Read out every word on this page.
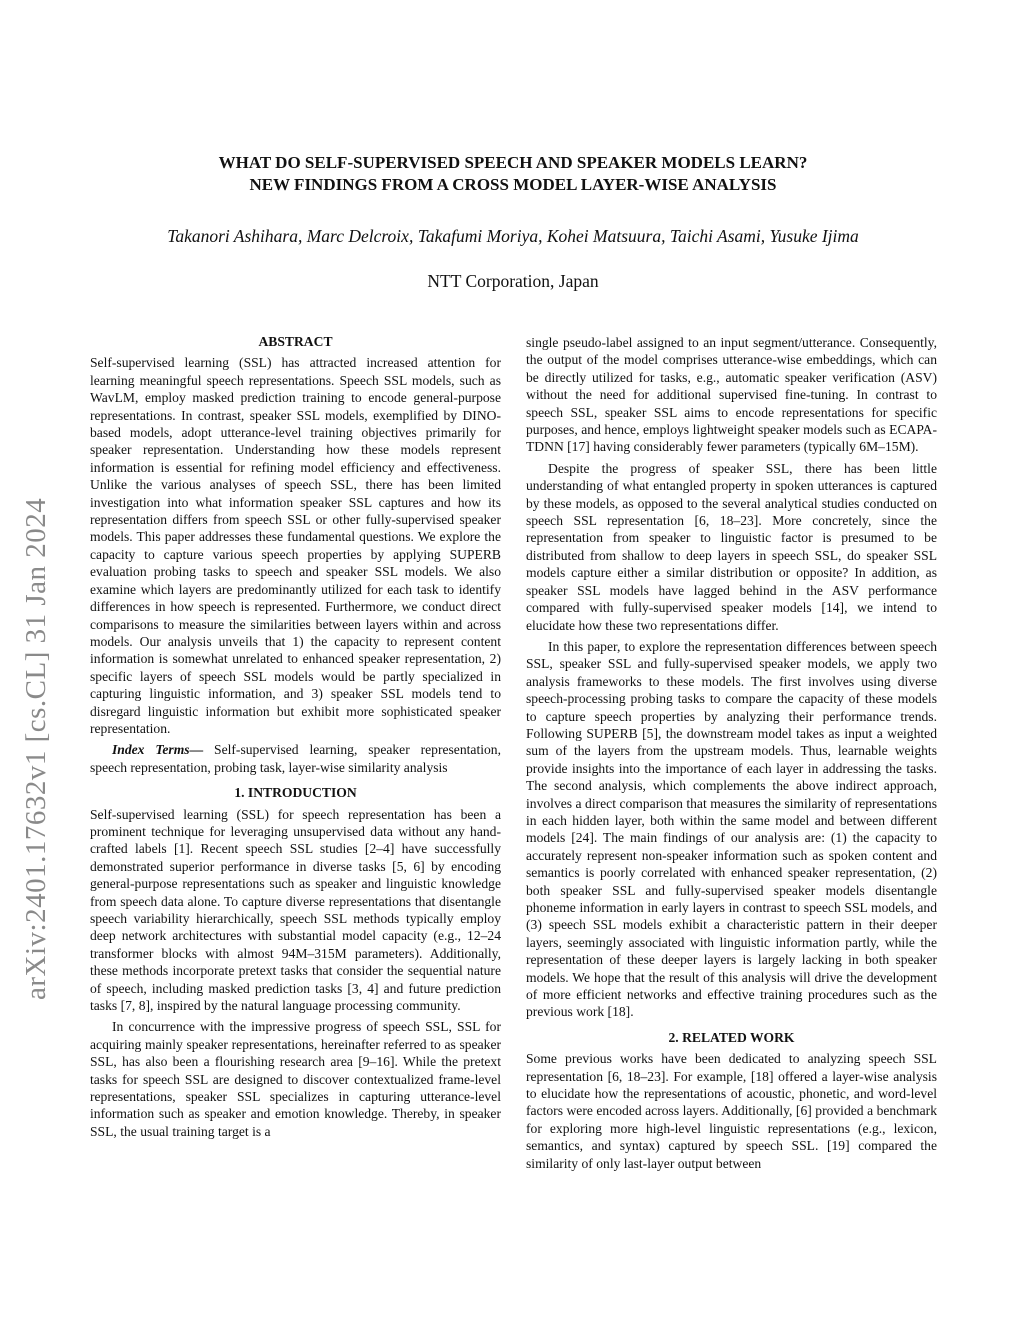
arXiv:2401.17632v1 [cs.CL] 31 Jan 2024
WHAT DO SELF-SUPERVISED SPEECH AND SPEAKER MODELS LEARN?
NEW FINDINGS FROM A CROSS MODEL LAYER-WISE ANALYSIS
Takanori Ashihara, Marc Delcroix, Takafumi Moriya, Kohei Matsuura, Taichi Asami, Yusuke Ijima
NTT Corporation, Japan
ABSTRACT

Self-supervised learning (SSL) has attracted increased attention for learning meaningful speech representations. Speech SSL models, such as WavLM, employ masked prediction training to encode general-purpose representations. In contrast, speaker SSL models, exemplified by DINO-based models, adopt utterance-level training objectives primarily for speaker representation. Understanding how these models represent information is essential for refining model efficiency and effectiveness. Unlike the various analyses of speech SSL, there has been limited investigation into what information speaker SSL captures and how its representation differs from speech SSL or other fully-supervised speaker models. This paper addresses these fundamental questions. We explore the capacity to capture various speech properties by applying SUPERB evaluation probing tasks to speech and speaker SSL models. We also examine which layers are predominantly utilized for each task to identify differences in how speech is represented. Furthermore, we conduct direct comparisons to measure the similarities between layers within and across models. Our analysis unveils that 1) the capacity to represent content information is somewhat unrelated to enhanced speaker representation, 2) specific layers of speech SSL models would be partly specialized in capturing linguistic information, and 3) speaker SSL models tend to disregard linguistic information but exhibit more sophisticated speaker representation.

Index Terms— Self-supervised learning, speaker representation, speech representation, probing task, layer-wise similarity analysis

1. INTRODUCTION

Self-supervised learning (SSL) for speech representation has been a prominent technique for leveraging unsupervised data without any hand-crafted labels [1]. Recent speech SSL studies [2–4] have successfully demonstrated superior performance in diverse tasks [5, 6] by encoding general-purpose representations such as speaker and linguistic knowledge from speech data alone. To capture diverse representations that disentangle speech variability hierarchically, speech SSL methods typically employ deep network architectures with substantial model capacity (e.g., 12–24 transformer blocks with almost 94M–315M parameters). Additionally, these methods incorporate pretext tasks that consider the sequential nature of speech, including masked prediction tasks [3, 4] and future prediction tasks [7, 8], inspired by the natural language processing community.

In concurrence with the impressive progress of speech SSL, SSL for acquiring mainly speaker representations, hereinafter referred to as speaker SSL, has also been a flourishing research area [9–16]. While the pretext tasks for speech SSL are designed to discover contextualized frame-level representations, speaker SSL specializes in capturing utterance-level information such as speaker and emotion knowledge. Thereby, in speaker SSL, the usual training target is a

single pseudo-label assigned to an input segment/utterance. Consequently, the output of the model comprises utterance-wise embeddings, which can be directly utilized for tasks, e.g., automatic speaker verification (ASV) without the need for additional supervised fine-tuning. In contrast to speech SSL, speaker SSL aims to encode representations for specific purposes, and hence, employs lightweight speaker models such as ECAPA-TDNN [17] having considerably fewer parameters (typically 6M–15M).

Despite the progress of speaker SSL, there has been little understanding of what entangled property in spoken utterances is captured by these models, as opposed to the several analytical studies conducted on speech SSL representation [6, 18–23]. More concretely, since the representation from speaker to linguistic factor is presumed to be distributed from shallow to deep layers in speech SSL, do speaker SSL models capture either a similar distribution or opposite? In addition, as speaker SSL models have lagged behind in the ASV performance compared with fully-supervised speaker models [14], we intend to elucidate how these two representations differ.

In this paper, to explore the representation differences between speech SSL, speaker SSL and fully-supervised speaker models, we apply two analysis frameworks to these models. The first involves using diverse speech-processing probing tasks to compare the capacity of these models to capture speech properties by analyzing their performance trends. Following SUPERB [5], the downstream model takes as input a weighted sum of the layers from the upstream models. Thus, learnable weights provide insights into the importance of each layer in addressing the tasks. The second analysis, which complements the above indirect approach, involves a direct comparison that measures the similarity of representations in each hidden layer, both within the same model and between different models [24]. The main findings of our analysis are: (1) the capacity to accurately represent non-speaker information such as spoken content and semantics is poorly correlated with enhanced speaker representation, (2) both speaker SSL and fully-supervised speaker models disentangle phoneme information in early layers in contrast to speech SSL models, and (3) speech SSL models exhibit a characteristic pattern in their deeper layers, seemingly associated with linguistic information partly, while the representation of these deeper layers is largely lacking in both speaker models. We hope that the result of this analysis will drive the development of more efficient networks and effective training procedures such as the previous work [18].

2. RELATED WORK

Some previous works have been dedicated to analyzing speech SSL representation [6, 18–23]. For example, [18] offered a layer-wise analysis to elucidate how the representations of acoustic, phonetic, and word-level factors were encoded across layers. Additionally, [6] provided a benchmark for exploring more high-level linguistic representations (e.g., lexicon, semantics, and syntax) captured by speech SSL. [19] compared the similarity of only last-layer output between
